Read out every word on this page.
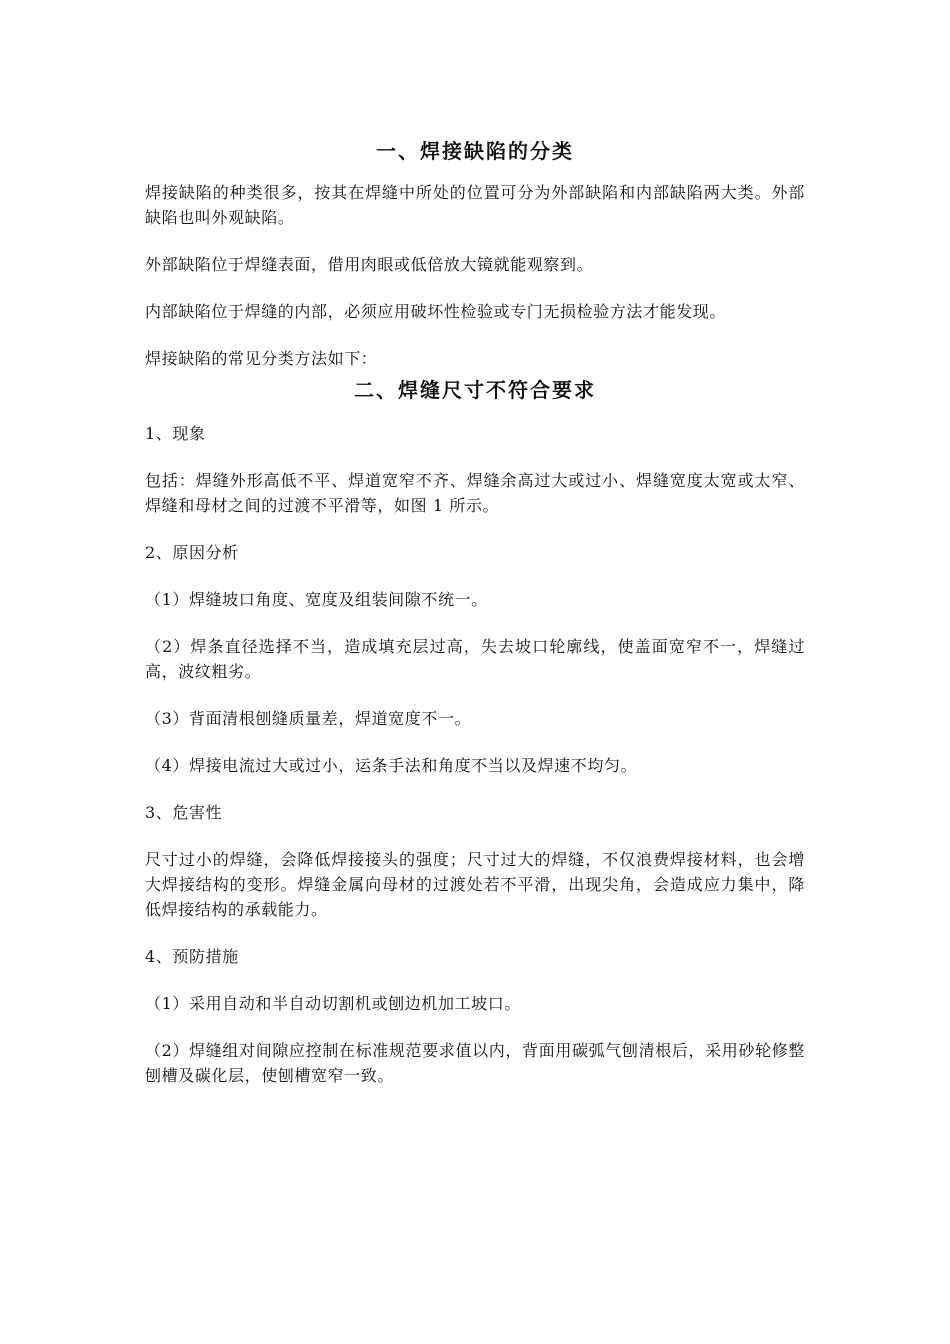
一、焊接缺陷的分类

焊接缺陷的种类很多，按其在焊缝中所处的位置可分为外部缺陷和内部缺陷两大类。外部缺陷也叫外观缺陷。

外部缺陷位于焊缝表面，借用肉眼或低倍放大镜就能观察到。

内部缺陷位于焊缝的内部，必须应用破坏性检验或专门无损检验方法才能发现。

焊接缺陷的常见分类方法如下：

二、焊缝尺寸不符合要求

1、现象

包括：焊缝外形高低不平、焊道宽窄不齐、焊缝余高过大或过小、焊缝宽度太宽或太窄、焊缝和母材之间的过渡不平滑等，如图 1 所示。

2、原因分析

（1）焊缝坡口角度、宽度及组装间隙不统一。

（2）焊条直径选择不当，造成填充层过高，失去坡口轮廓线，使盖面宽窄不一，焊缝过高，波纹粗劣。

（3）背面清根刨缝质量差，焊道宽度不一。

（4）焊接电流过大或过小，运条手法和角度不当以及焊速不均匀。

3、危害性

尺寸过小的焊缝，会降低焊接接头的强度；尺寸过大的焊缝，不仅浪费焊接材料，也会增大焊接结构的变形。焊缝金属向母材的过渡处若不平滑，出现尖角，会造成应力集中，降低焊接结构的承载能力。

4、预防措施

（1）采用自动和半自动切割机或刨边机加工坡口。

（2）焊缝组对间隙应控制在标准规范要求值以内，背面用碳弧气刨清根后，采用砂轮修整刨槽及碳化层，使刨槽宽窄一致。
